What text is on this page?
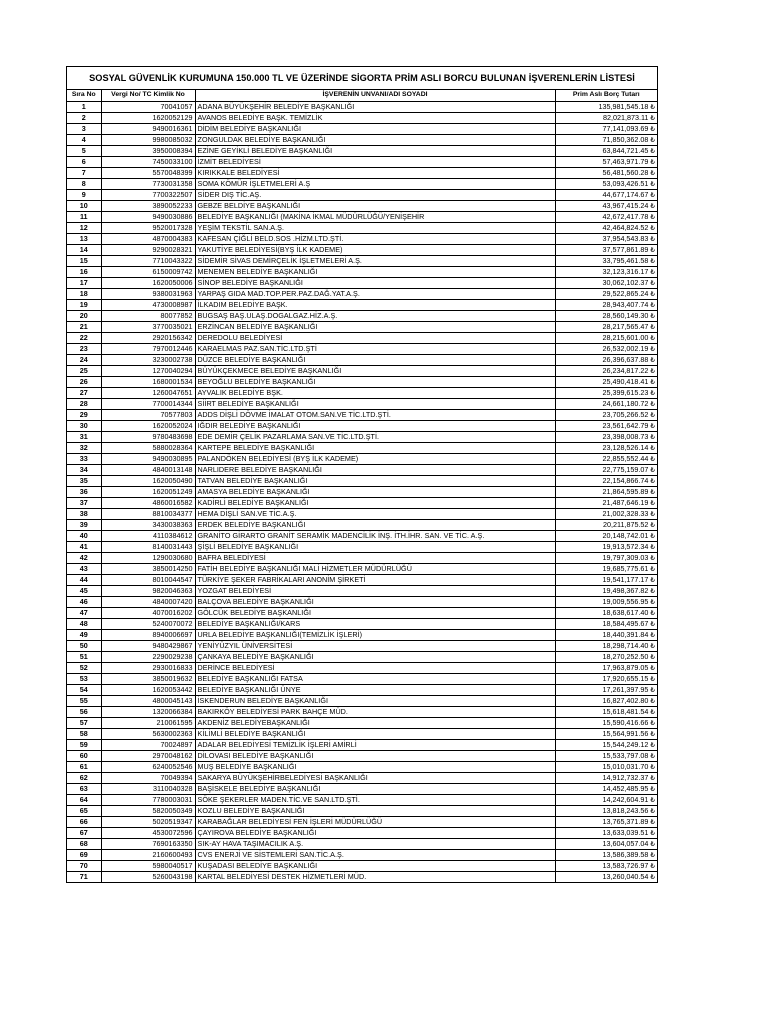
SOSYAL GÜVENLİK KURUMUNA 150.000 TL VE ÜZERİNDE SİGORTA PRİM ASLI BORCU BULUNAN İŞVERENLERİN LİSTESİ
Sıra No	Vergi No/ TC Kimlik No	İŞVERENİN UNVANI/ADI SOYADI	Prim Aslı Borç Tutarı
1	70041057	ADANA BÜYÜKŞEHİR BELEDİYE BAŞKANLIĞI	135,981,545.18 ₺
2	1620052129	AVANOS BELEDİYE BAŞK. TEMİZLİK	82,021,873.11 ₺
3	9490016361	DİDİM BELEDİYE BAŞKANLIĞI	77,141,093.69 ₺
4	9980085032	ZONGULDAK BELEDİYE BAŞKANLIĞI	71,850,362.08 ₺
5	3950008394	EZİNE GEYİKLİ BELEDİYE BAŞKANLIĞI	63,844,721.45 ₺
6	7450033100	İZMİT BELEDİYESİ	57,463,971.79 ₺
7	5570048399	KIRIKKALE BELEDİYESİ	56,481,560.28 ₺
8	7730031358	SOMA KÖMÜR İŞLETMELERİ A.Ş	53,093,426.51 ₺
9	7700322507	SİDER DIŞ TİC.AŞ.	44,677,174.67 ₺
10	3890052233	GEBZE BELDİYE BAŞKANLIĞI	43,967,415.24 ₺
11	9490030886	BELEDİYE BAŞKANLIĞI (MAKİNA İKMAL MÜDÜRLÜĞÜ/YENİŞEHİR	42,672,417.78 ₺
12	9520017328	YEŞİM TEKSTİL SAN.A.Ş.	42,464,824.52 ₺
13	4870004383	KAFESAN ÇİĞLİ BELD.SOS .HİZM.LTD.ŞTİ.	37,954,543.83 ₺
14	9290028321	YAKUTİYE BELEDİYESİ(BYŞ İLK KADEME)	37,577,861.89 ₺
15	7710043322	SİDEMİR SİVAS DEMİRÇELİK İŞLETMELERİ A.Ş.	33,795,461.58 ₺
16	6150009742	MENEMEN BELEDİYE BAŞKANLIĞI	32,123,316.17 ₺
17	1620050006	SİNOP BELEDİYE BAŞKANLIĞI	30,062,102.37 ₺
18	9380031963	YARPAŞ GIDA MAD.TOP.PER.PAZ.DAĞ.YAT.A.Ş.	29,522,865.24 ₺
19	4730008987	İLKADIM BELEDİYE BAŞK.	28,943,407.74 ₺
20	80077852	BUGSAŞ BAŞ.ULAŞ.DOGALGAZ.HİZ.A.Ş.	28,560,149.30 ₺
21	3770035021	ERZİNCAN BELEDİYE BAŞKANLIĞI	28,217,565.47 ₺
22	2920156342	DEREDOLU BELEDİYESİ	28,215,601.00 ₺
23	7970012446	KARAELMAS PAZ.SAN.TİC.LTD.ŞTİ	26,532,002.19 ₺
24	3230002738	DÜZCE BELEDİYE BAŞKANLIĞI	26,396,637.88 ₺
25	1270040294	BÜYÜKÇEKMECE BELEDİYE BAŞKANLIĞI	26,234,817.22 ₺
26	1680001534	BEYOĞLU BELEDİYE BAŞKANLIĞI	25,490,418.41 ₺
27	1260047651	AYVALIK BELEDİYE BŞK.	25,399,615.23 ₺
28	7700014344	SİİRT BELEDİYE BAŞKANLIĞI	24,661,180.72 ₺
29	70577803	ADDS DİŞLİ DÖVME İMALAT OTOM.SAN.VE TİC.LTD.ŞTİ.	23,705,266.52 ₺
30	1620052024	IĞDIR BELEDİYE BAŞKANLIĞI	23,561,642.79 ₺
31	9780483698	EDE DEMİR ÇELİK PAZARLAMA SAN.VE TİC.LTD.ŞTİ.	23,398,008.73 ₺
32	5880028364	KARTEPE BELEDİYE BAŞKANLIĞI	23,128,526.14 ₺
33	9490030895	PALANDÖKEN BELEDİYESİ (BYŞ İLK KADEME)	22,855,552.44 ₺
34	4840013148	NARLIDERE BELEDİYE BAŞKANLIĞI	22,775,159.07 ₺
35	1620050490	TATVAN BELEDİYE BAŞKANLIĞI	22,154,866.74 ₺
36	1620051249	AMASYA BELEDİYE BAŞKANLIĞI	21,864,595.89 ₺
37	4860016582	KADİRLİ BELEDİYE BAŞKANLIĞI	21,487,646.19 ₺
38	8810034377	HEMA DİŞLİ SAN.VE TİC.A.Ş.	21,002,328.33 ₺
39	3430038363	ERDEK BELEDİYE BAŞKANLIĞI	20,211,875.52 ₺
40	4110384612	GRANİTO GİRARTO GRANİT SERAMİK MADENCİLİK İNŞ. İTH.İHR. SAN. VE TİC. A.Ş.	20,148,742.01 ₺
41	8140031443	ŞİŞLİ BELEDİYE BAŞKANLIĞI	19,913,572.34 ₺
42	1290030680	BAFRA BELEDİYESİ	19,797,309.03 ₺
43	3850014250	FATİH BELEDİYE BAŞKANLIĞI MALİ HİZMETLER MÜDÜRLÜĞÜ	19,685,775.61 ₺
44	8010044547	TÜRKİYE ŞEKER FABRİKALARI ANONİM ŞİRKETİ	19,541,177.17 ₺
45	9820046363	YOZGAT BELEDİYESİ	19,498,367.82 ₺
46	4840007420	BALÇOVA BELEDİYE BAŞKANLIĞI	19,009,556.95 ₺
47	4070016202	GÖLCÜK BELEDİYE BAŞKANLIĞI	18,638,617.40 ₺
48	5240070072	BELEDİYE BAŞKANLIĞI/KARS	18,584,495.67 ₺
49	8940006697	URLA BELEDİYE BAŞKANLIĞI(TEMİZLİK İŞLERİ)	18,440,391.84 ₺
50	9480429867	YENİYÜZYIL ÜNİVERSİTESİ	18,298,714.40 ₺
51	2290029238	ÇANKAYA BELEDİYE BAŞKANLIĞI	18,270,252.50 ₺
52	2930016833	DERİNCE BELEDİYESİ	17,963,879.05 ₺
53	3850019632	BELEDİYE BAŞKANLIĞI FATSA	17,920,655.15 ₺
54	1620053442	BELEDİYE BAŞKANLIĞI ÜNYE	17,261,397.95 ₺
55	4800045143	İSKENDERUN BELEDİYE BAŞKANLIĞI	16,827,402.80 ₺
56	1320066384	BAKIRKÖY BELEDİYESİ PARK BAHÇE MÜD.	15,618,481.54 ₺
57	210061595	AKDENİZ BELEDİYEBAŞKANLIĞI	15,590,416.66 ₺
58	5630002363	KİLİMLİ BELEDİYE BAŞKANLIĞI	15,564,991.56 ₺
59	70024897	ADALAR BELEDİYESİ TEMİZLİK İŞLERİ AMİRLİ	15,544,249.12 ₺
60	2970048162	DİLOVASI BELEDİYE BAŞKANLIĞI	15,533,797.08 ₺
61	6240052546	MUŞ BELEDİYE BAŞKANLIĞI	15,010,031.70 ₺
62	70049394	SAKARYA BÜYÜKŞEHİRBELEDİYESİ BAŞKANLIĞI	14,912,732.37 ₺
63	3110040328	BAŞİSKELE BELEDİYE BAŞKANLIĞI	14,452,485.95 ₺
64	7780003031	SÖKE ŞEKERLER MADEN.TİC.VE SAN.LTD.ŞTİ.	14,242,604.91 ₺
65	5820050349	KOZLU BELEDİYE BAŞKANLIĞI	13,818,243.56 ₺
66	5020519347	KARABAĞLAR BELEDİYESİ FEN İŞLERİ MÜDÜRLÜĞÜ	13,765,371.89 ₺
67	4530072596	ÇAYIROVA BELEDİYE BAŞKANLIĞI	13,633,039.51 ₺
68	7690163350	SIK-AY HAVA TAŞIMACILIK A.Ş.	13,604,057.04 ₺
69	2160600493	CVS ENERJİ VE SİSTEMLERİ SAN.TİC.A.Ş.	13,586,389.58 ₺
70	5980040517	KUŞADASI BELEDİYE BAŞKANLIĞI	13,583,726.97 ₺
71	5260043198	KARTAL BELEDİYESİ DESTEK HİZMETLERİ MÜD.	13,260,040.54 ₺
